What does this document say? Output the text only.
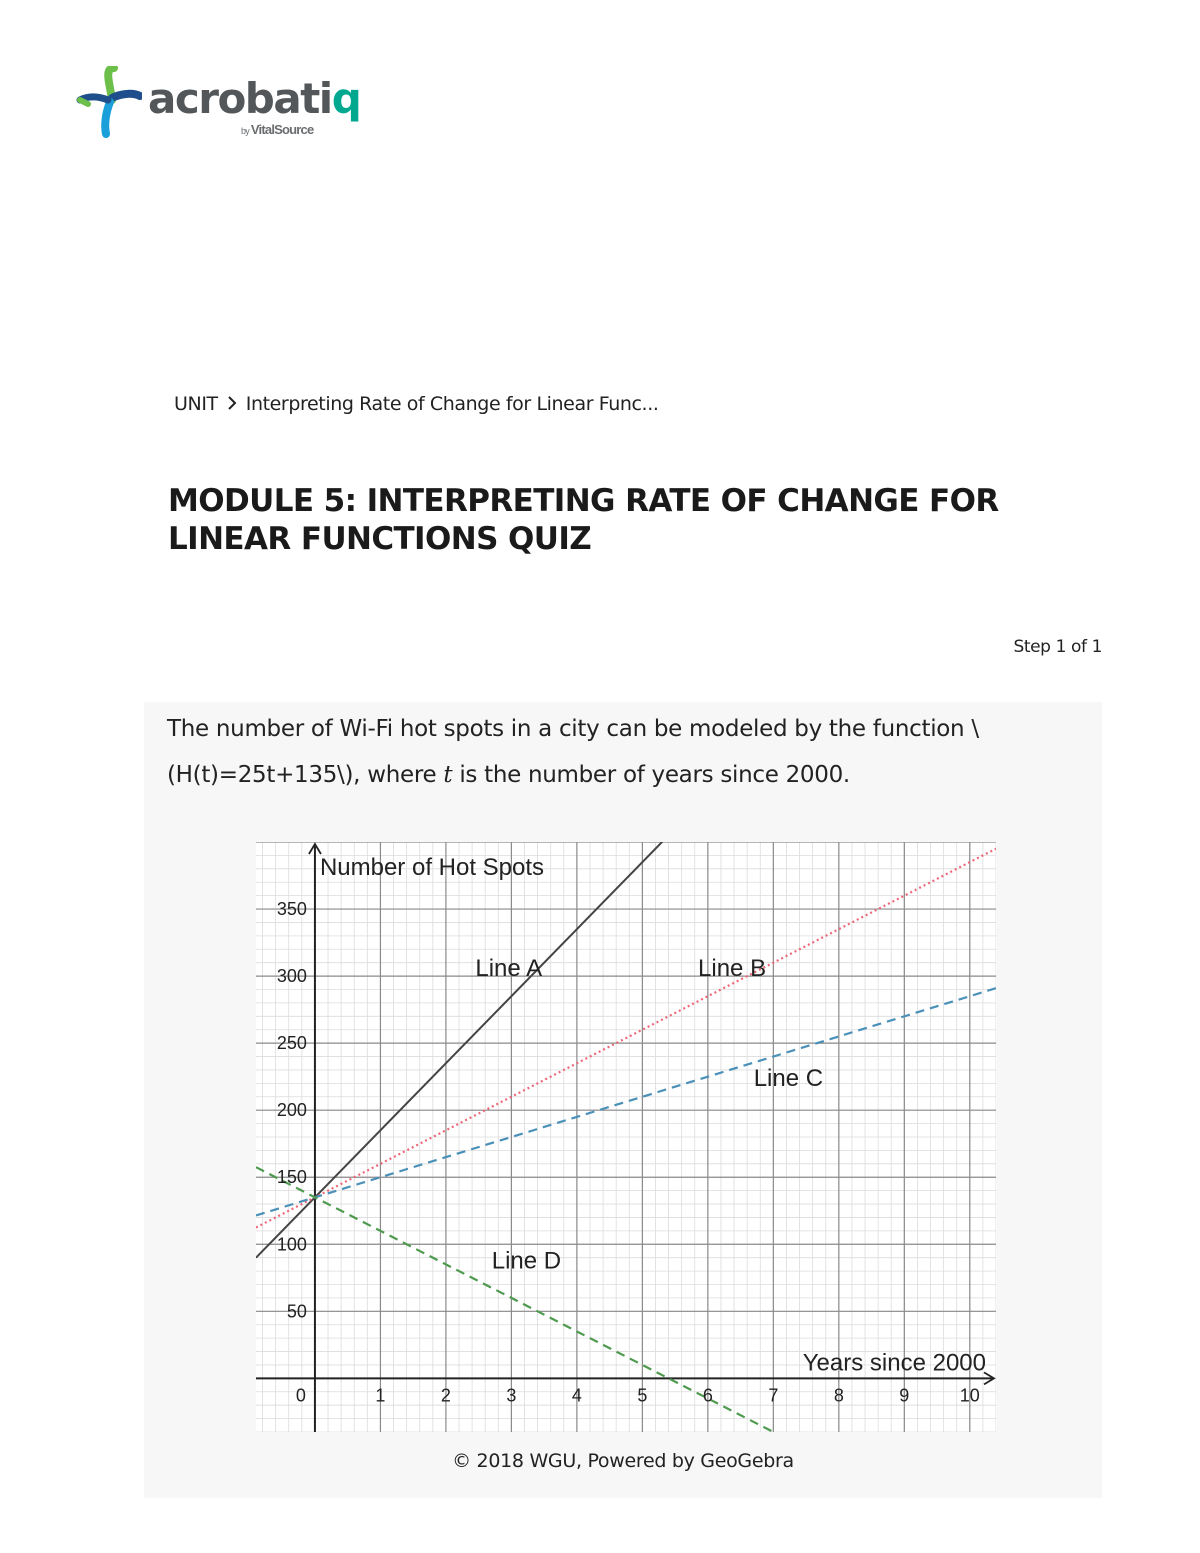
acrobatiq
by VitalSource
UNIT Interpreting Rate of Change for Linear Func...
MODULE 5: INTERPRETING RATE OF CHANGE FOR LINEAR FUNCTIONS QUIZ
Step 1 of 1

The number of Wi-Fi hot spots in a city can be modeled by the function \(H(t)=25t+135\), where t is the number of years since 2000.

0	1	2	3	4	5	6	7	8	9	10
50
100
150
200
250
300
350
Number of Hot Spots
Years since 2000
Line A	Line B
Line C
Line D
© 2018 WGU, Powered by GeoGebra
